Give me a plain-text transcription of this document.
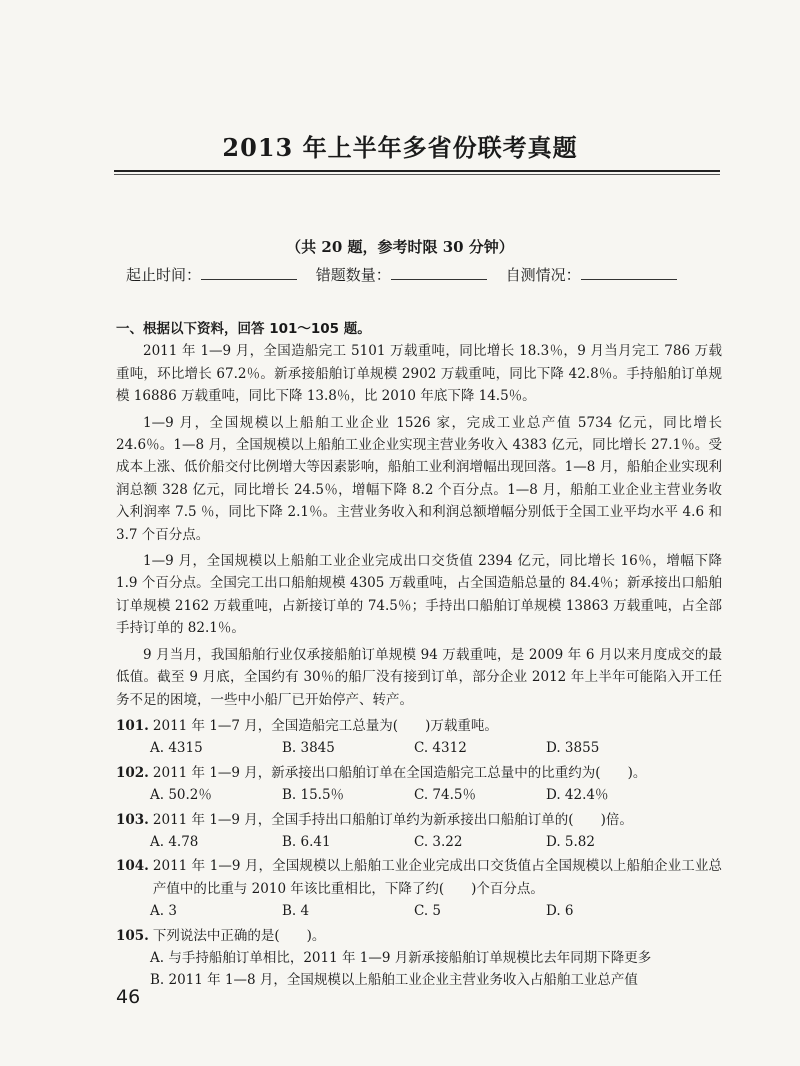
2013 年上半年多省份联考真题
（共 20 题，参考时限 30 分钟）
起止时间：	错题数量：	自测情况：

一、根据以下资料，回答 101～105 题。

2011 年 1—9 月，全国造船完工 5101 万载重吨，同比增长 18.3％，9 月当月完工 786 万载重吨，环比增长 67.2％。新承接船舶订单规模 2902 万载重吨，同比下降 42.8％。手持船舶订单规模 16886 万载重吨，同比下降 13.8％，比 2010 年底下降 14.5％。

1—9 月，全国规模以上船舶工业企业 1526 家，完成工业总产值 5734 亿元，同比增长 24.6％。1—8 月，全国规模以上船舶工业企业实现主营业务收入 4383 亿元，同比增长 27.1％。受成本上涨、低价船交付比例增大等因素影响，船舶工业利润增幅出现回落。1—8 月，船舶企业实现利润总额 328 亿元，同比增长 24.5％，增幅下降 8.2 个百分点。1—8 月，船舶工业企业主营业务收入利润率 7.5 ％，同比下降 2.1％。主营业务收入和利润总额增幅分别低于全国工业平均水平 4.6 和 3.7 个百分点。

1—9 月，全国规模以上船舶工业企业完成出口交货值 2394 亿元，同比增长 16％，增幅下降 1.9 个百分点。全国完工出口船舶规模 4305 万载重吨，占全国造船总量的 84.4％；新承接出口船舶订单规模 2162 万载重吨，占新接订单的 74.5％；手持出口船舶订单规模 13863 万载重吨，占全部手持订单的 82.1％。

9 月当月，我国船舶行业仅承接船舶订单规模 94 万载重吨，是 2009 年 6 月以来月度成交的最低值。截至 9 月底，全国约有 30％的船厂没有接到订单，部分企业 2012 年上半年可能陷入开工任务不足的困境，一些中小船厂已开始停产、转产。

101. 2011 年 1—7 月，全国造船完工总量为(　　)万载重吨。
A. 4315	B. 3845	C. 4312	D. 3855
102. 2011 年 1—9 月，新承接出口船舶订单在全国造船完工总量中的比重约为(　　)。
A. 50.2％	B. 15.5％	C. 74.5％	D. 42.4％
103. 2011 年 1—9 月，全国手持出口船舶订单约为新承接出口船舶订单的(　　)倍。
A. 4.78	B. 6.41	C. 3.22	D. 5.82
104. 2011 年 1—9 月，全国规模以上船舶工业企业完成出口交货值占全国规模以上船舶企业工业总产值中的比重与 2010 年该比重相比，下降了约(　　)个百分点。
A. 3	B. 4	C. 5	D. 6
105. 下列说法中正确的是(　　)。

A. 与手持船舶订单相比，2011 年 1—9 月新承接船舶订单规模比去年同期下降更多

B. 2011 年 1—8 月，全国规模以上船舶工业企业主营业务收入占船舶工业总产值

46
